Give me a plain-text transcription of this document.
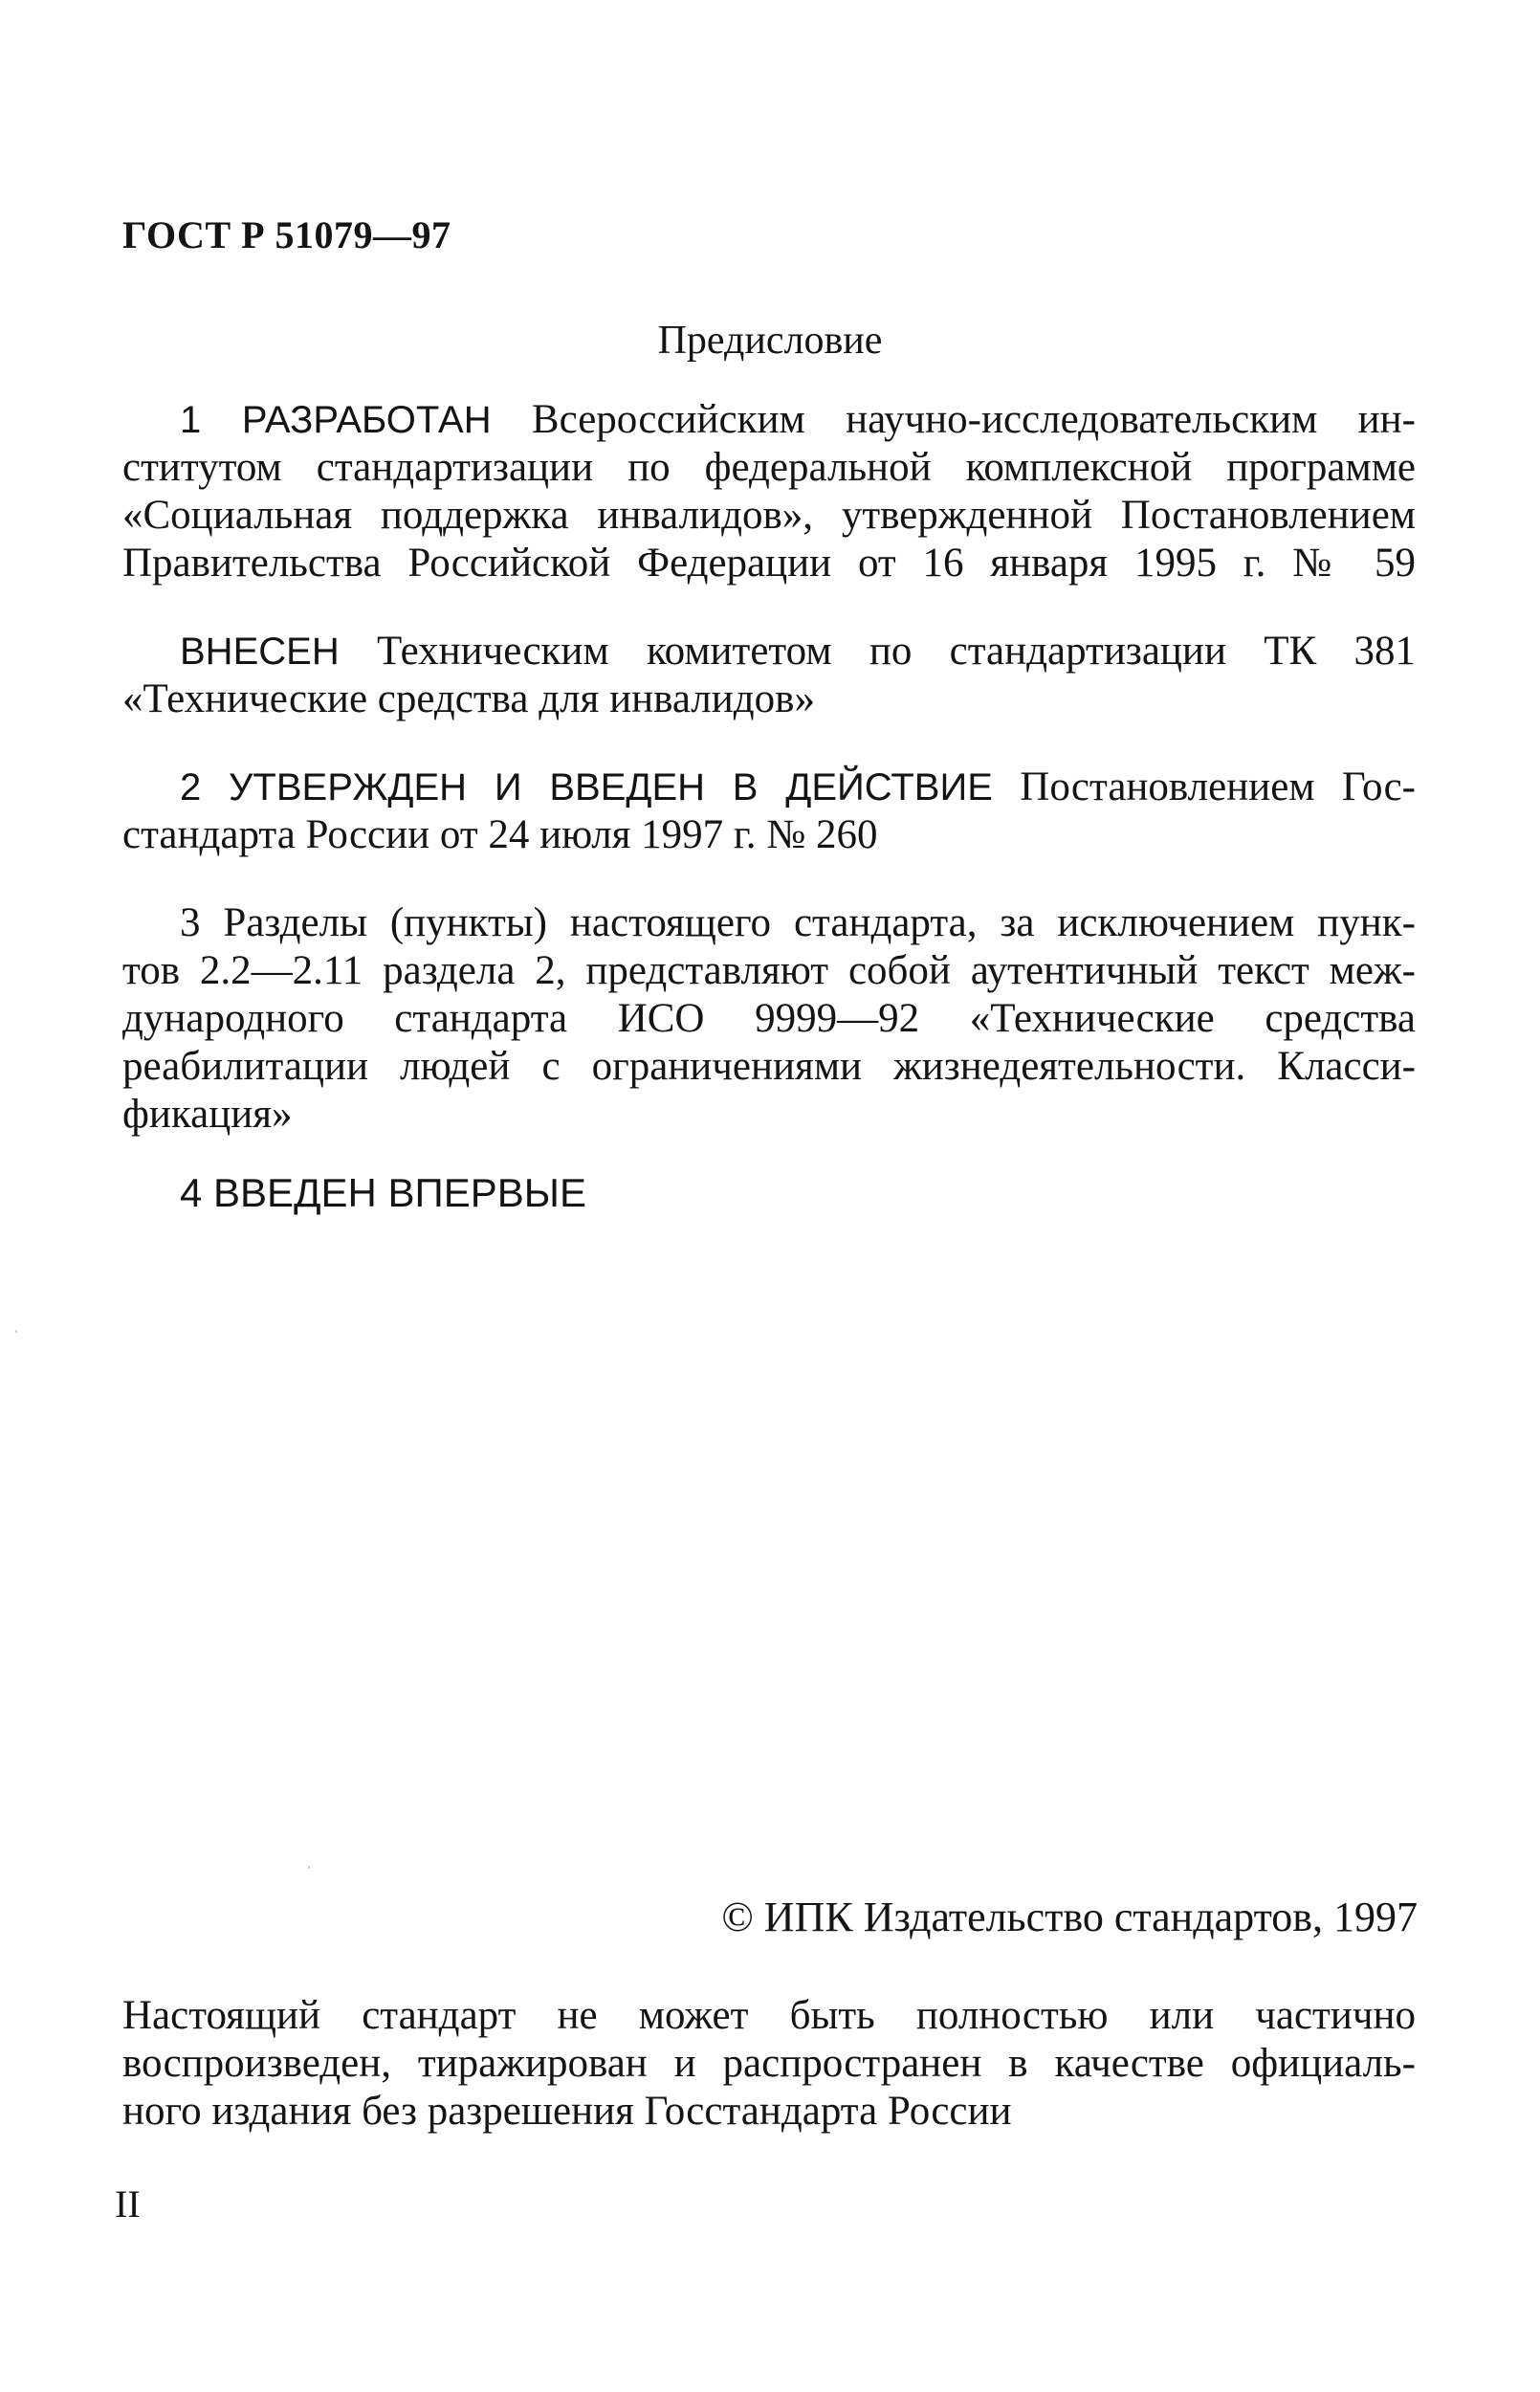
ГОСТ Р 51079—97
Предисловие
1 РАЗРАБОТАН Всероссийским научно-исследовательским ин-
ститутом стандартизации по федеральной комплексной программе
«Социальная поддержка инвалидов», утвержденной Постановлением
Правительства Российской Федерации от 16 января 1995 г. № 59
ВНЕСЕН Техническим комитетом по стандартизации ТК 381
«Технические средства для инвалидов»
2 УТВЕРЖДЕН И ВВЕДЕН В ДЕЙСТВИЕ Постановлением Гос-
стандарта России от 24 июля 1997 г. № 260
3 Разделы (пункты) настоящего стандарта, за исключением пунк-
тов 2.2—2.11 раздела 2, представляют собой аутентичный текст меж-
дународного стандарта ИСО 9999—92 «Технические средства
реабилитации людей с ограничениями жизнедеятельности. Класси-
фикация»
4 ВВЕДЕН ВПЕРВЫЕ
© ИПК Издательство стандартов, 1997
Настоящий стандарт не может быть полностью или частично
воспроизведен, тиражирован и распространен в качестве официаль-
ного издания без разрешения Госстандарта России
II
